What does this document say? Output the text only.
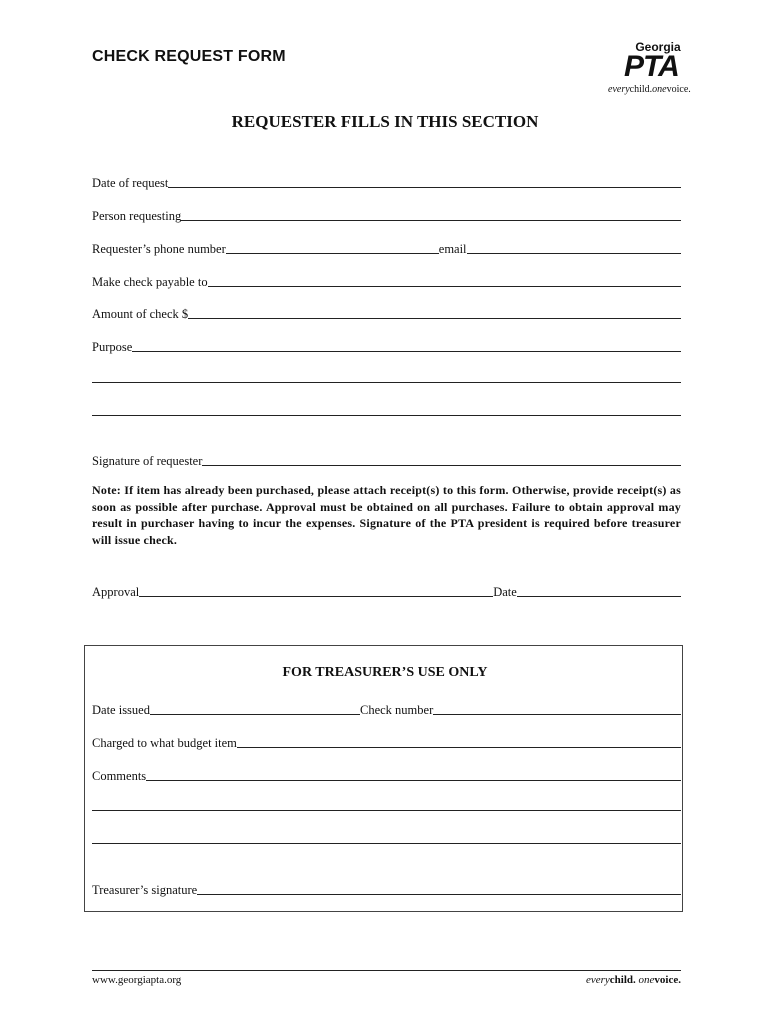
CHECK REQUEST FORM
Georgia
PTA
everychild.onevoice.
REQUESTER FILLS IN THIS SECTION
Date of request
Person requesting
Requester’s phone number	email
Make check payable to
Amount of check $
Purpose
Signature of requester
Note: If item has already been purchased, please attach receipt(s) to this form. Otherwise, provide receipt(s) as soon as possible after purchase. Approval must be obtained on all purchases. Failure to obtain approval may result in purchaser having to incur the expenses. Signature of the PTA president is required before treasurer will issue check.
Approval	Date
FOR TREASURER’S USE ONLY
Date issued	Check number
Charged to what budget item
Comments
Treasurer’s signature
www.georgiapta.org	everychild. onevoice.
